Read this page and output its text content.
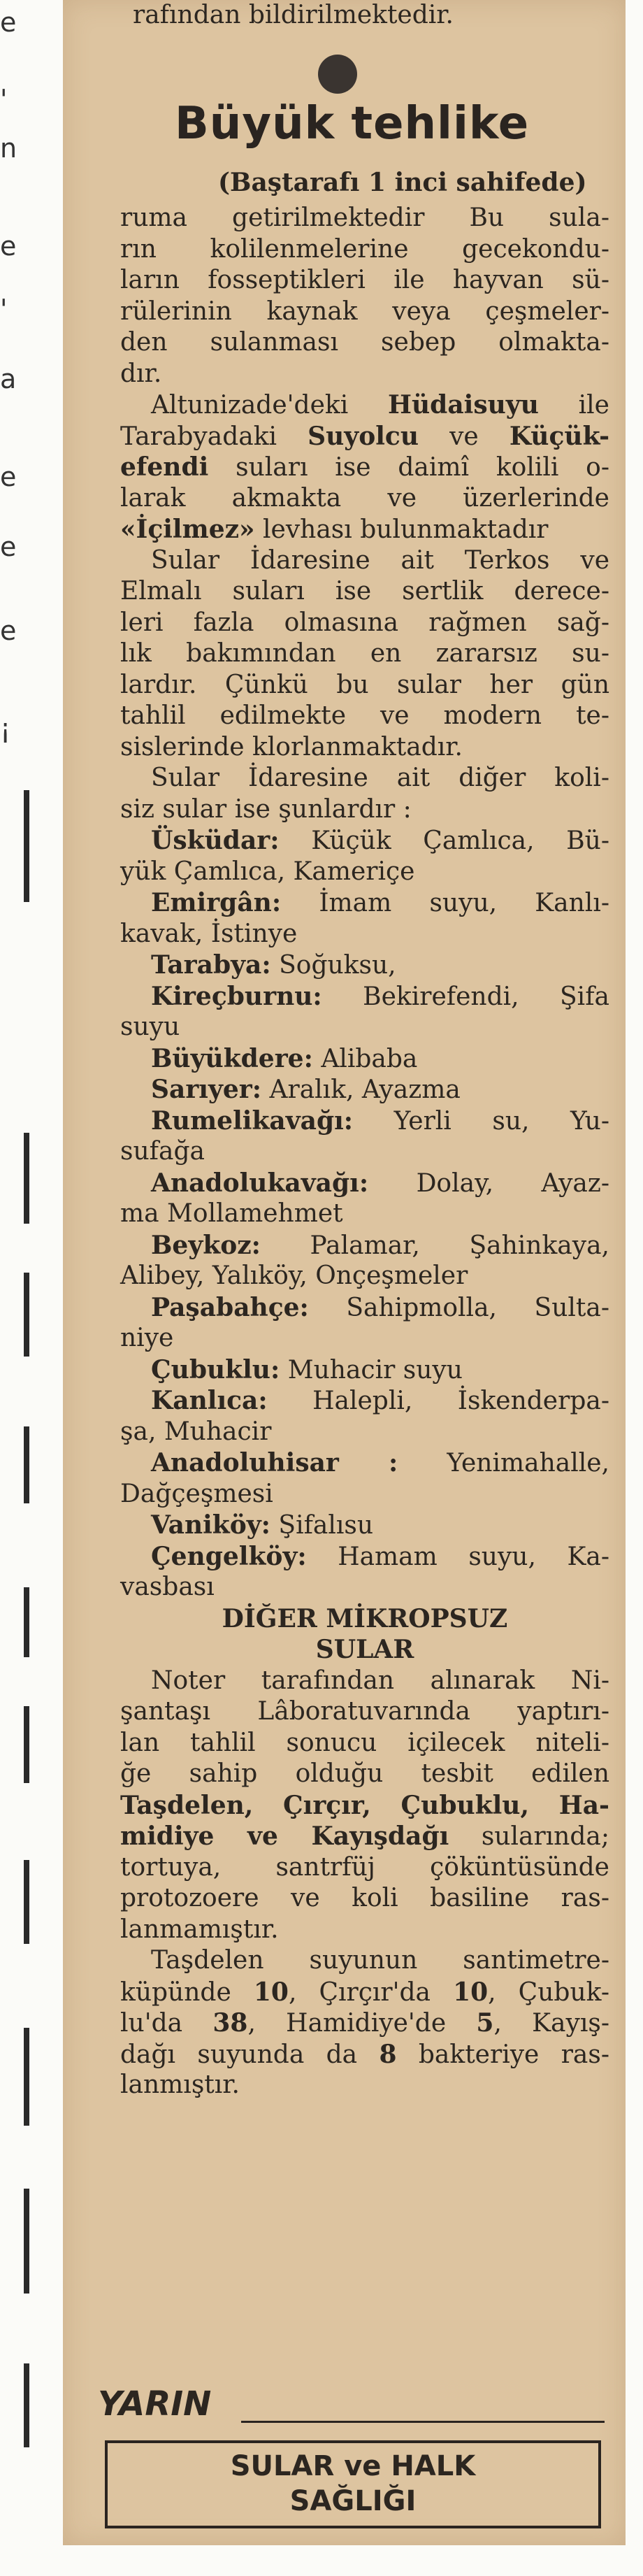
e
'
n
e
'
a
e
e
e
¡
rafından bildirilmektedir.
Büyük tehlike
(Baştarafı 1 inci sahifede)
ruma getirilmektedir Bu sula-
rın kolilenmelerine gecekondu-
ların fosseptikleri ile hayvan sü-
rülerinin kaynak veya çeşmeler-
den sulanması sebep olmakta-
dır.
Altunizade'deki Hüdaisuyu ile
Tarabyadaki Suyolcu ve Küçük-
efendi suları ise daimî kolili o-
larak akmakta ve üzerlerinde
«İçilmez» levhası bulunmaktadır
Sular İdaresine ait Terkos ve
Elmalı suları ise sertlik derece-
leri fazla olmasına rağmen sağ-
lık bakımından en zararsız su-
lardır. Çünkü bu sular her gün
tahlil edilmekte ve modern te-
sislerinde klorlanmaktadır.
Sular İdaresine ait diğer koli-
siz sular ise şunlardır :
Üsküdar: Küçük Çamlıca, Bü-
yük Çamlıca, Kameriçe
Emirgân: İmam suyu, Kanlı-
kavak, İstinye
Tarabya: Soğuksu,
Kireçburnu: Bekirefendi, Şifa
suyu
Büyükdere: Alibaba
Sarıyer: Aralık, Ayazma
Rumelikavağı: Yerli su, Yu-
sufağa
Anadolukavağı: Dolay, Ayaz-
ma Mollamehmet
Beykoz: Palamar, Şahinkaya,
Alibey, Yalıköy, Onçeşmeler
Paşabahçe: Sahipmolla, Sulta-
niye
Çubuklu: Muhacir suyu
Kanlıca: Halepli, İskenderpa-
şa, Muhacir
Anadoluhisar : Yenimahalle,
Dağçeşmesi
Vaniköy: Şifalısu
Çengelköy: Hamam suyu, Ka-
vasbası
DİĞER MİKROPSUZ
SULAR
Noter tarafından alınarak Ni-
şantaşı Lâboratuvarında yaptırı-
lan tahlil sonucu içilecek niteli-
ğe sahip olduğu tesbit edilen
Taşdelen, Çırçır, Çubuklu, Ha-
midiye ve Kayışdağı sularında;
tortuya, santrfüj çöküntüsünde
protozoere ve koli basiline ras-
lanmamıştır.
Taşdelen suyunun santimetre-
küpünde 10, Çırçır'da 10, Çubuk-
lu'da 38, Hamidiye'de 5, Kayış-
dağı suyunda da 8 bakteriye ras-
lanmıştır.
YARIN
SULAR ve HALK
SAĞLIĞI
